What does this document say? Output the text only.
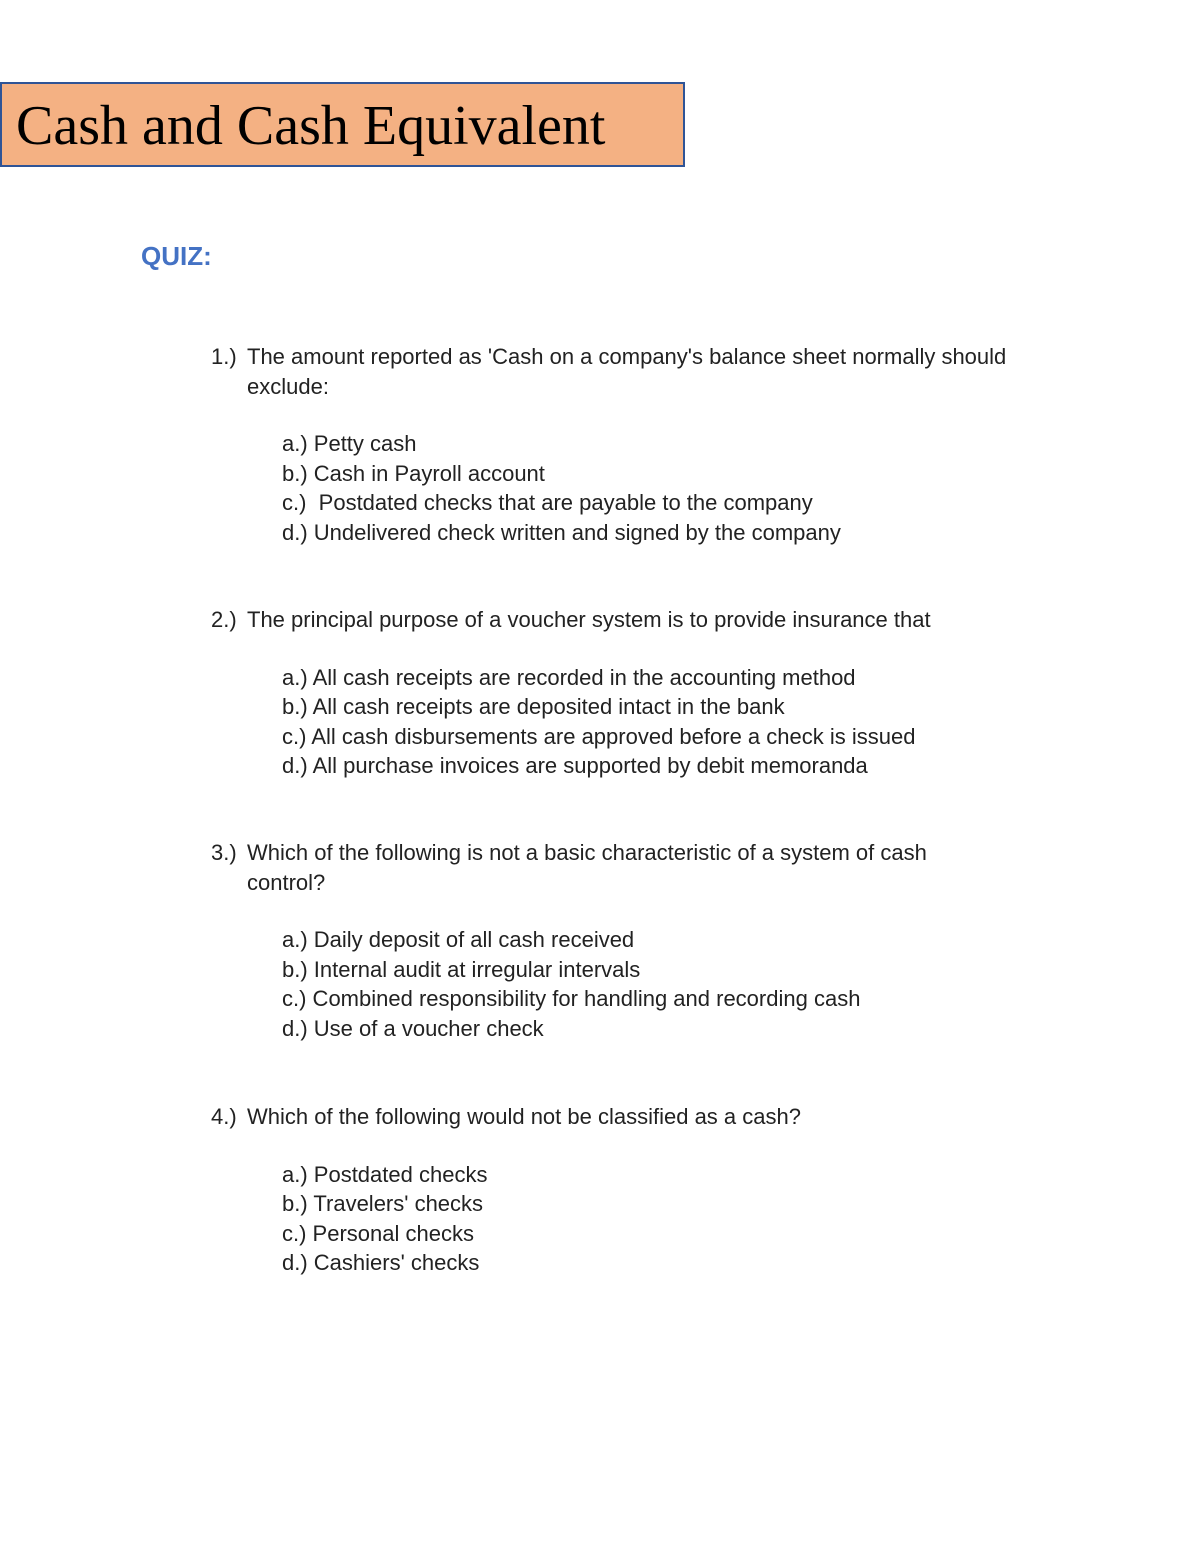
Cash and Cash Equivalent
QUIZ:
1.) The amount reported as 'Cash on a company's balance sheet normally should exclude:
a.) Petty cash
b.) Cash in Payroll account
c.)  Postdated checks that are payable to the company
d.) Undelivered check written and signed by the company
2.) The principal purpose of a voucher system is to provide insurance that
a.) All cash receipts are recorded in the accounting method
b.) All cash receipts are deposited intact in the bank
c.) All cash disbursements are approved before a check is issued
d.) All purchase invoices are supported by debit memoranda
3.) Which of the following is not a basic characteristic of a system of cash control?
a.) Daily deposit of all cash received
b.) Internal audit at irregular intervals
c.) Combined responsibility for handling and recording cash
d.) Use of a voucher check
4.) Which of the following would not be classified as a cash?
a.) Postdated checks
b.) Travelers' checks
c.) Personal checks
d.) Cashiers' checks
